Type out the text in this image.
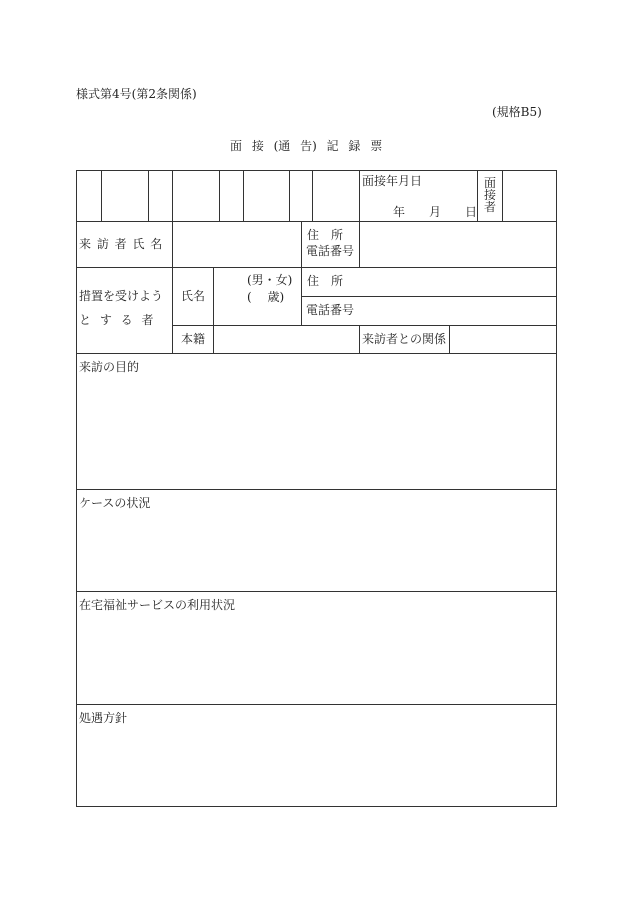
様式第4号(第2条関係)
(規格B5)
面 接 (通 告) 記 録 票
面接年月日
年 月 日
面接者
来 訪 者 氏 名
住　所
電話番号
措置を受けよう
と す る 者
氏名
(男・女)
(　 歳)
住　所
電話番号
本籍	来訪者との関係
来訪の目的
ケースの状況
在宅福祉サービスの利用状況
処遇方針
